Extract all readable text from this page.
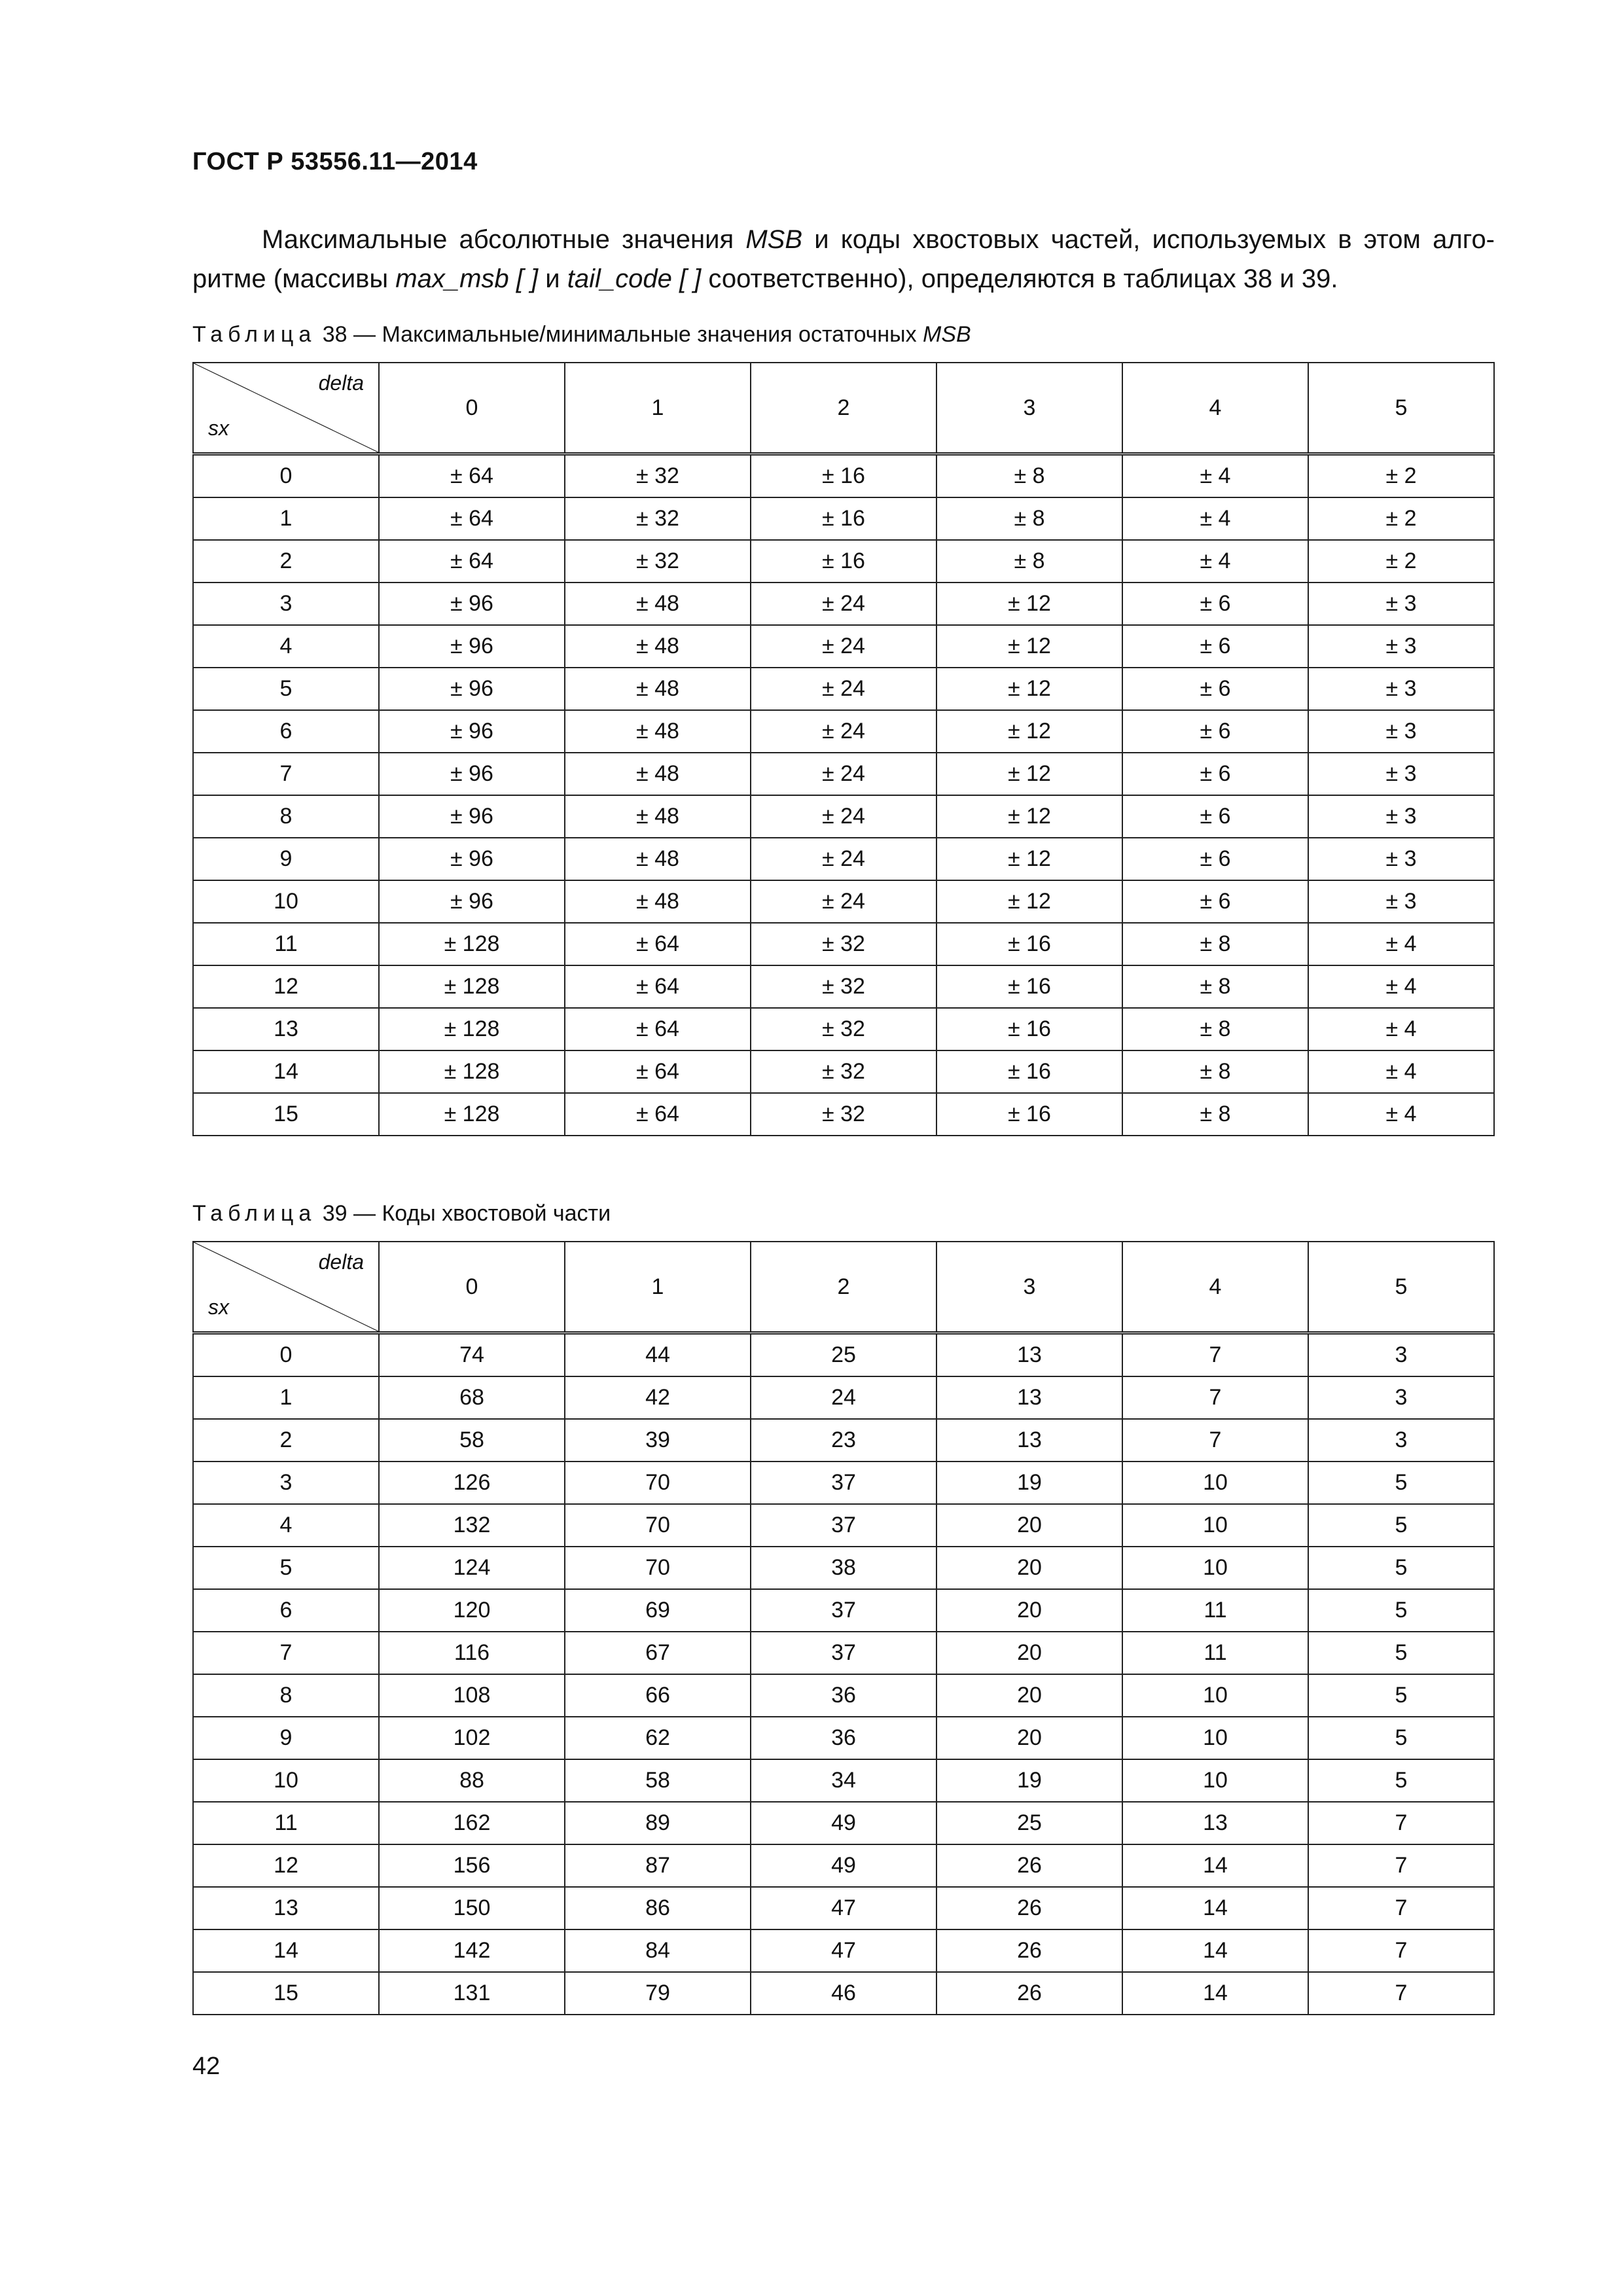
ГОСТ Р 53556.11—2014
Максимальные абсолютные значения MSB и коды хвостовых частей, используемых в этом алго-
ритме (массивы max_msb [ ] и tail_code [ ] соответственно), определяются в таблицах 38 и 39.
Таблица 38 — Максимальные/минимальные значения остаточных MSB
delta
sx	0	1	2	3	4	5
0	± 64	± 32	± 16	± 8	± 4	± 2
1	± 64	± 32	± 16	± 8	± 4	± 2
2	± 64	± 32	± 16	± 8	± 4	± 2
3	± 96	± 48	± 24	± 12	± 6	± 3
4	± 96	± 48	± 24	± 12	± 6	± 3
5	± 96	± 48	± 24	± 12	± 6	± 3
6	± 96	± 48	± 24	± 12	± 6	± 3
7	± 96	± 48	± 24	± 12	± 6	± 3
8	± 96	± 48	± 24	± 12	± 6	± 3
9	± 96	± 48	± 24	± 12	± 6	± 3
10	± 96	± 48	± 24	± 12	± 6	± 3
11	± 128	± 64	± 32	± 16	± 8	± 4
12	± 128	± 64	± 32	± 16	± 8	± 4
13	± 128	± 64	± 32	± 16	± 8	± 4
14	± 128	± 64	± 32	± 16	± 8	± 4
15	± 128	± 64	± 32	± 16	± 8	± 4
Таблица 39 — Коды хвостовой части
delta
sx	0	1	2	3	4	5
0	74	44	25	13	7	3
1	68	42	24	13	7	3
2	58	39	23	13	7	3
3	126	70	37	19	10	5
4	132	70	37	20	10	5
5	124	70	38	20	10	5
6	120	69	37	20	11	5
7	116	67	37	20	11	5
8	108	66	36	20	10	5
9	102	62	36	20	10	5
10	88	58	34	19	10	5
11	162	89	49	25	13	7
12	156	87	49	26	14	7
13	150	86	47	26	14	7
14	142	84	47	26	14	7
15	131	79	46	26	14	7
42
